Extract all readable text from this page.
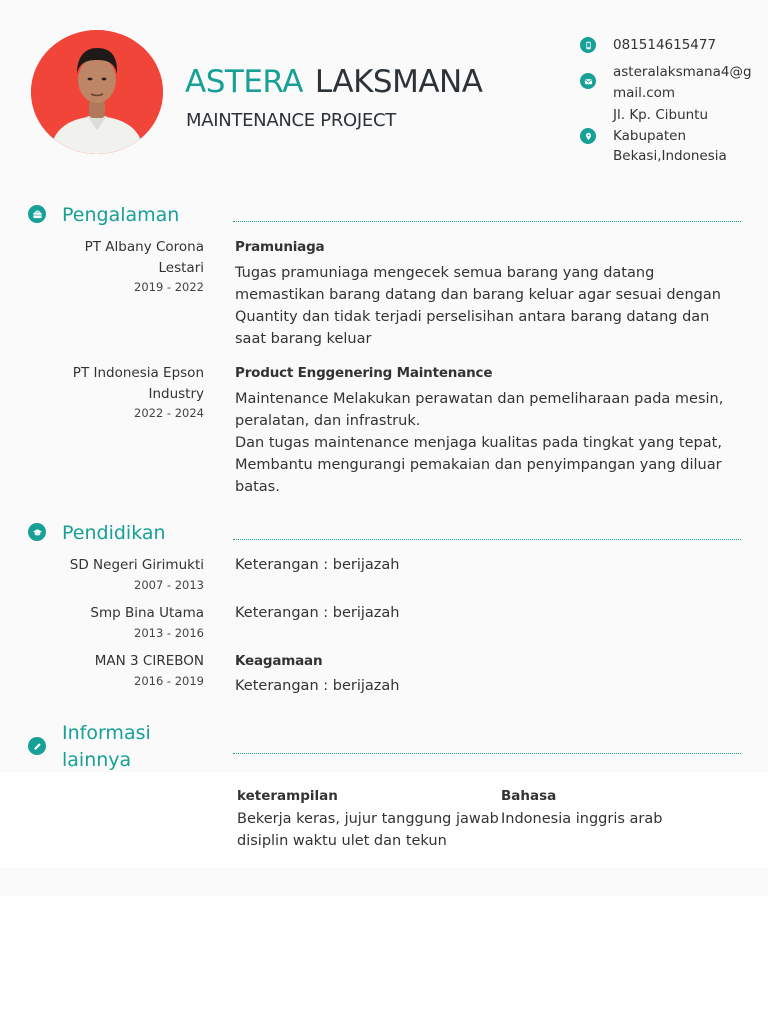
ASTERA LAKSMANA
MAINTENANCE PROJECT
081514615477
asteralaksmana4@g
mail.com
Jl. Kp. Cibuntu
Kabupaten
Bekasi,Indonesia
Pengalaman
PT Albany Corona
Lestari
2019 - 2022
Pramuniaga
Tugas pramuniaga mengecek semua barang yang datang memastikan barang datang dan barang keluar agar sesuai dengan Quantity dan tidak terjadi perselisihan antara barang datang dan saat barang keluar
PT Indonesia Epson
Industry
2022 - 2024
Product Enggenering Maintenance
Maintenance Melakukan perawatan dan pemeliharaan pada mesin, peralatan, dan infrastruk.
Dan tugas maintenance menjaga kualitas pada tingkat yang tepat, Membantu mengurangi pemakaian dan penyimpangan yang diluar batas.
Pendidikan
SD Negeri Girimukti
2007 - 2013
Keterangan : berijazah
Smp Bina Utama
2013 - 2016
Keterangan : berijazah
MAN 3 CIREBON
2016 - 2019
Keagamaan
Keterangan : berijazah
Informasi
lainnya
keterampilan
Bekerja keras, jujur tanggung jawab disiplin waktu ulet dan tekun
Bahasa
Indonesia inggris arab
